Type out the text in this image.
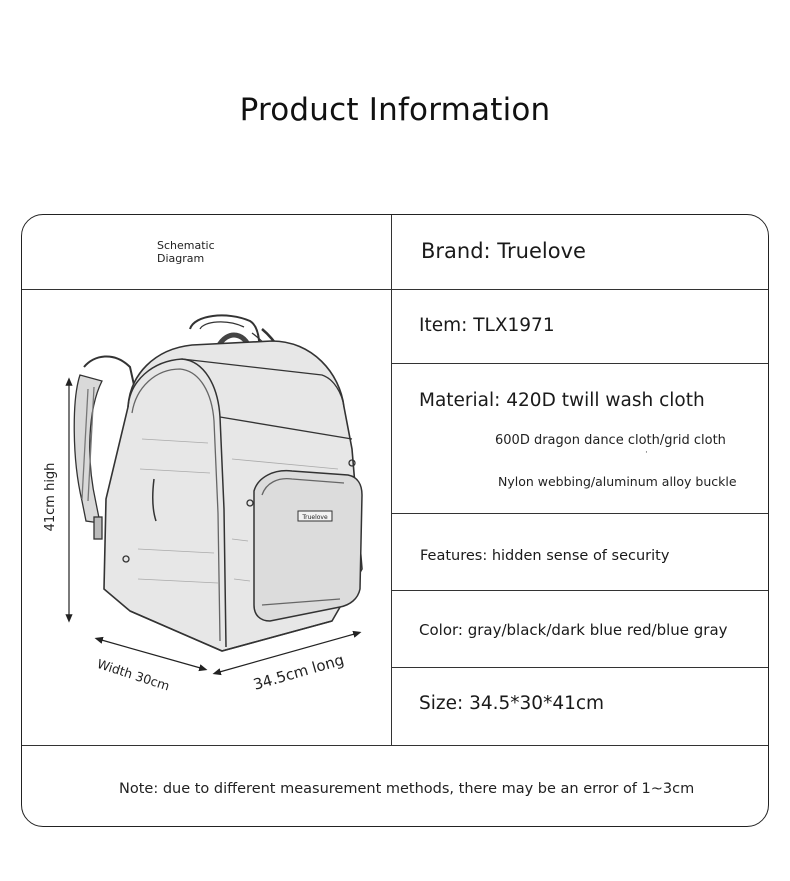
Product Information
Schematic
Diagram	Brand: Truelove
Item: TLX1971
Material: 420D twill wash cloth
600D dragon dance cloth/grid cloth
·
Nylon webbing/aluminum alloy buckle
Features: hidden sense of security
Color: gray/black/dark blue red/blue gray
Size: 34.5*30*41cm
Note: due to different measurement methods, there may be an error of 1~3cm
Truelove
41cm high
Width 30cm	34.5cm long
